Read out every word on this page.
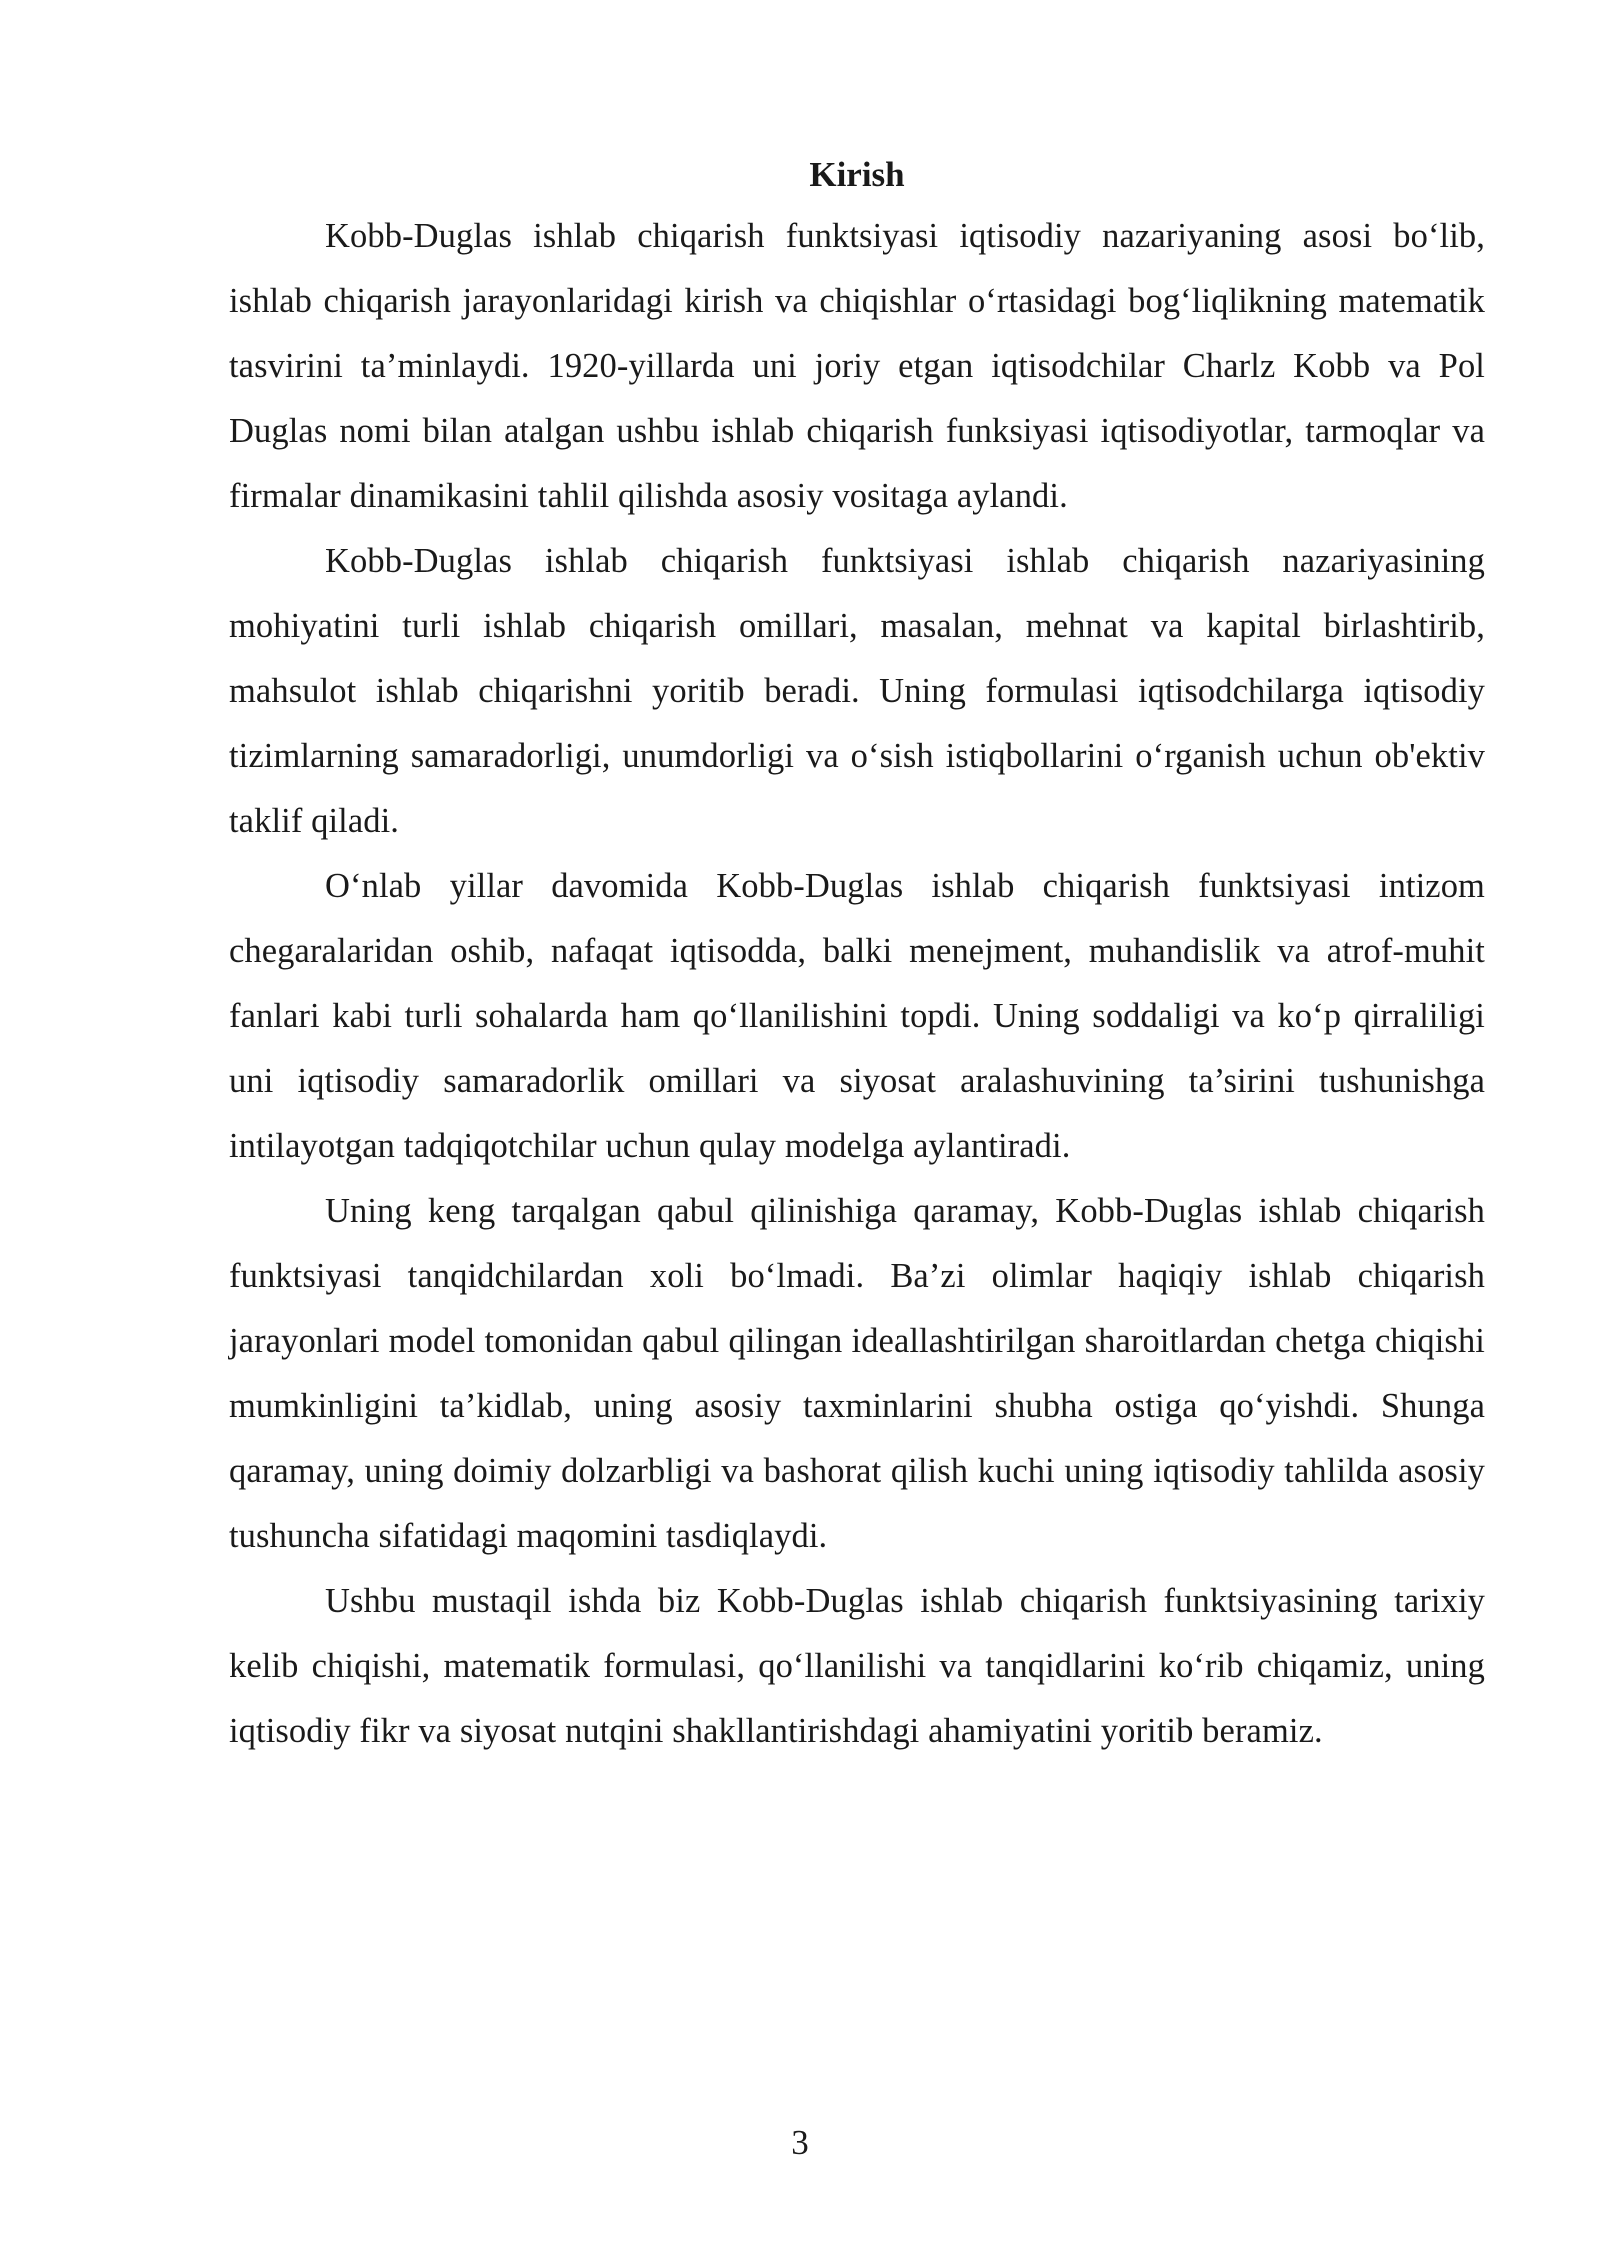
Kirish

Kobb-Duglas ishlab chiqarish funktsiyasi iqtisodiy nazariyaning asosi bo‘lib, ishlab chiqarish jarayonlaridagi kirish va chiqishlar o‘rtasidagi bog‘liqlikning matematik tasvirini ta’minlaydi. 1920-yillarda uni joriy etgan iqtisodchilar Charlz Kobb va Pol Duglas nomi bilan atalgan ushbu ishlab chiqarish funksiyasi iqtisodiyotlar, tarmoqlar va firmalar dinamikasini tahlil qilishda asosiy vositaga aylandi.

Kobb-Duglas ishlab chiqarish funktsiyasi ishlab chiqarish nazariyasining mohiyatini turli ishlab chiqarish omillari, masalan, mehnat va kapital birlashtirib, mahsulot ishlab chiqarishni yoritib beradi. Uning formulasi iqtisodchilarga iqtisodiy tizimlarning samaradorligi, unumdorligi va o‘sish istiqbollarini o‘rganish uchun ob'ektiv taklif qiladi.

O‘nlab yillar davomida Kobb-Duglas ishlab chiqarish funktsiyasi intizom chegaralaridan oshib, nafaqat iqtisodda, balki menejment, muhandislik va atrof-muhit fanlari kabi turli sohalarda ham qo‘llanilishini topdi. Uning soddaligi va ko‘p qirraliligi uni iqtisodiy samaradorlik omillari va siyosat aralashuvining ta’sirini tushunishga intilayotgan tadqiqotchilar uchun qulay modelga aylantiradi.

Uning keng tarqalgan qabul qilinishiga qaramay, Kobb-Duglas ishlab chiqarish funktsiyasi tanqidchilardan xoli bo‘lmadi. Ba’zi olimlar haqiqiy ishlab chiqarish jarayonlari model tomonidan qabul qilingan ideallashtirilgan sharoitlardan chetga chiqishi mumkinligini ta’kidlab, uning asosiy taxminlarini shubha ostiga qo‘yishdi. Shunga qaramay, uning doimiy dolzarbligi va bashorat qilish kuchi uning iqtisodiy tahlilda asosiy tushuncha sifatidagi maqomini tasdiqlaydi.

Ushbu mustaqil ishda biz Kobb-Duglas ishlab chiqarish funktsiyasining tarixiy kelib chiqishi, matematik formulasi, qo‘llanilishi va tanqidlarini ko‘rib chiqamiz, uning iqtisodiy fikr va siyosat nutqini shakllantirishdagi ahamiyatini yoritib beramiz.

3
